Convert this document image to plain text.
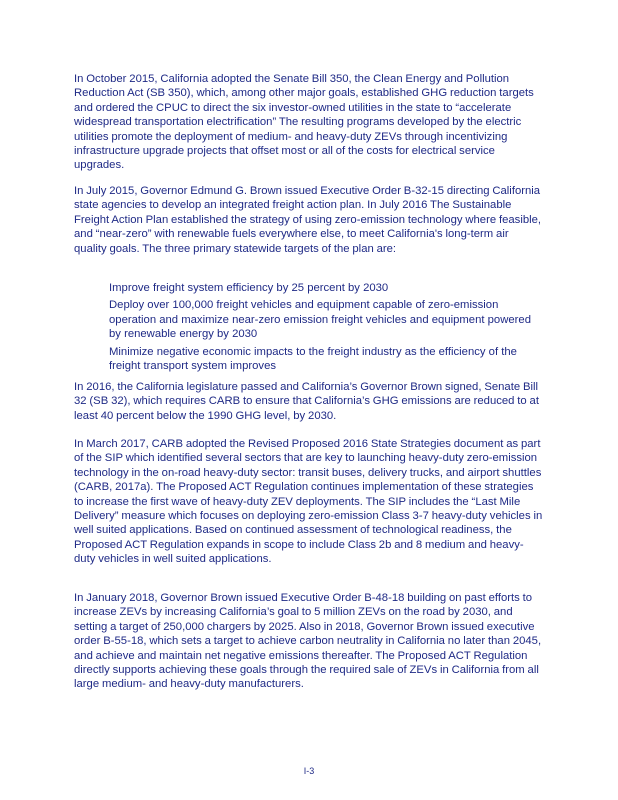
In October 2015, California adopted the Senate Bill 350, the Clean Energy and Pollution Reduction Act (SB 350), which, among other major goals, established GHG reduction targets and ordered the CPUC to direct the six investor-owned utilities in the state to “accelerate widespread transportation electrification” The resulting programs developed by the electric utilities promote the deployment of medium- and heavy-duty ZEVs through incentivizing infrastructure upgrade projects that offset most or all of the costs for electrical service upgrades.

In July 2015, Governor Edmund G. Brown issued Executive Order B-32-15 directing California state agencies to develop an integrated freight action plan. In July 2016 The Sustainable Freight Action Plan established the strategy of using zero-emission technology where feasible, and “near-zero” with renewable fuels everywhere else, to meet California's long-term air quality goals. The three primary statewide targets of the plan are:

Improve freight system efficiency by 25 percent by 2030
Deploy over 100,000 freight vehicles and equipment capable of zero-emission operation and maximize near-zero emission freight vehicles and equipment powered by renewable energy by 2030
Minimize negative economic impacts to the freight industry as the efficiency of the freight transport system improves

In 2016, the California legislature passed and California’s Governor Brown signed, Senate Bill 32 (SB 32), which requires CARB to ensure that California’s GHG emissions are reduced to at least 40 percent below the 1990 GHG level, by 2030.

In March 2017, CARB adopted the Revised Proposed 2016 State Strategies document as part of the SIP which identified several sectors that are key to launching heavy-duty zero-emission technology in the on-road heavy-duty sector: transit buses, delivery trucks, and airport shuttles (CARB, 2017a). The Proposed ACT Regulation continues implementation of these strategies to increase the first wave of heavy-duty ZEV deployments. The SIP includes the “Last Mile Delivery” measure which focuses on deploying zero-emission Class 3-7 heavy-duty vehicles in well suited applications. Based on continued assessment of technological readiness, the Proposed ACT Regulation expands in scope to include Class 2b and 8 medium and heavy-duty vehicles in well suited applications.

In January 2018, Governor Brown issued Executive Order B-48-18 building on past efforts to increase ZEVs by increasing California’s goal to 5 million ZEVs on the road by 2030, and setting a target of 250,000 chargers by 2025. Also in 2018, Governor Brown issued executive order B-55-18, which sets a target to achieve carbon neutrality in California no later than 2045, and achieve and maintain net negative emissions thereafter. The Proposed ACT Regulation directly supports achieving these goals through the required sale of ZEVs in California from all large medium- and heavy-duty manufacturers.

I-3
